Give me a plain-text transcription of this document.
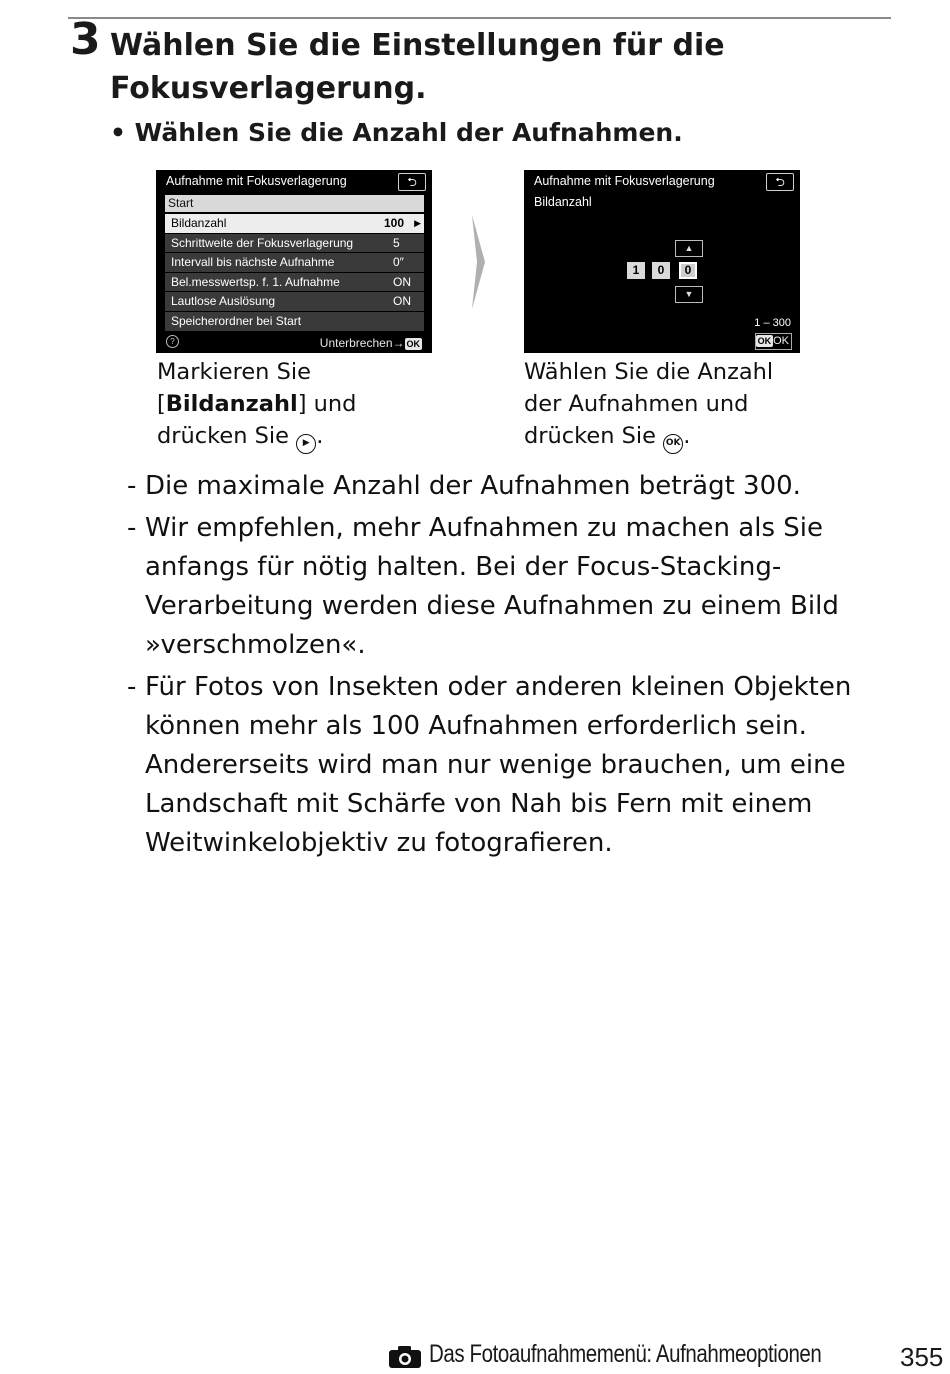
3 Wählen Sie die Einstellungen für die Fokusverlagerung.
• Wählen Sie die Anzahl der Aufnahmen.
Aufnahme mit Fokusverlagerung	⮌
Start
Bildanzahl	100 ▶
Schrittweite der Fokusverlagerung	5
Intervall bis nächste Aufnahme	0″
Bel.messwertsp. f. 1. Aufnahme	ON
Lautlose Auslösung	ON
Speicherordner bei Start
?	Unterbrechen→ OK
Aufnahme mit Fokusverlagerung	⮌
Bildanzahl
▲
1	0	0
▼
1 – 300
OK OK
Markieren Sie
[Bildanzahl] und
drücken Sie ▶ .
Wählen Sie die Anzahl
der Aufnahmen und
drücken Sie OK .
- Die maximale Anzahl der Aufnahmen beträgt 300.
- Wir empfehlen, mehr Aufnahmen zu machen als Sie anfangs für nötig halten. Bei der Focus-Stacking-Verarbeitung werden diese Aufnahmen zu einem Bild »verschmolzen«.
- Für Fotos von Insekten oder anderen kleinen Objekten können mehr als 100 Aufnahmen erforderlich sein. Andererseits wird man nur wenige brauchen, um eine Landschaft mit Schärfe von Nah bis Fern mit einem Weitwinkelobjektiv zu fotografieren.
Das Fotoaufnahmemenü: Aufnahmeoptionen	355
